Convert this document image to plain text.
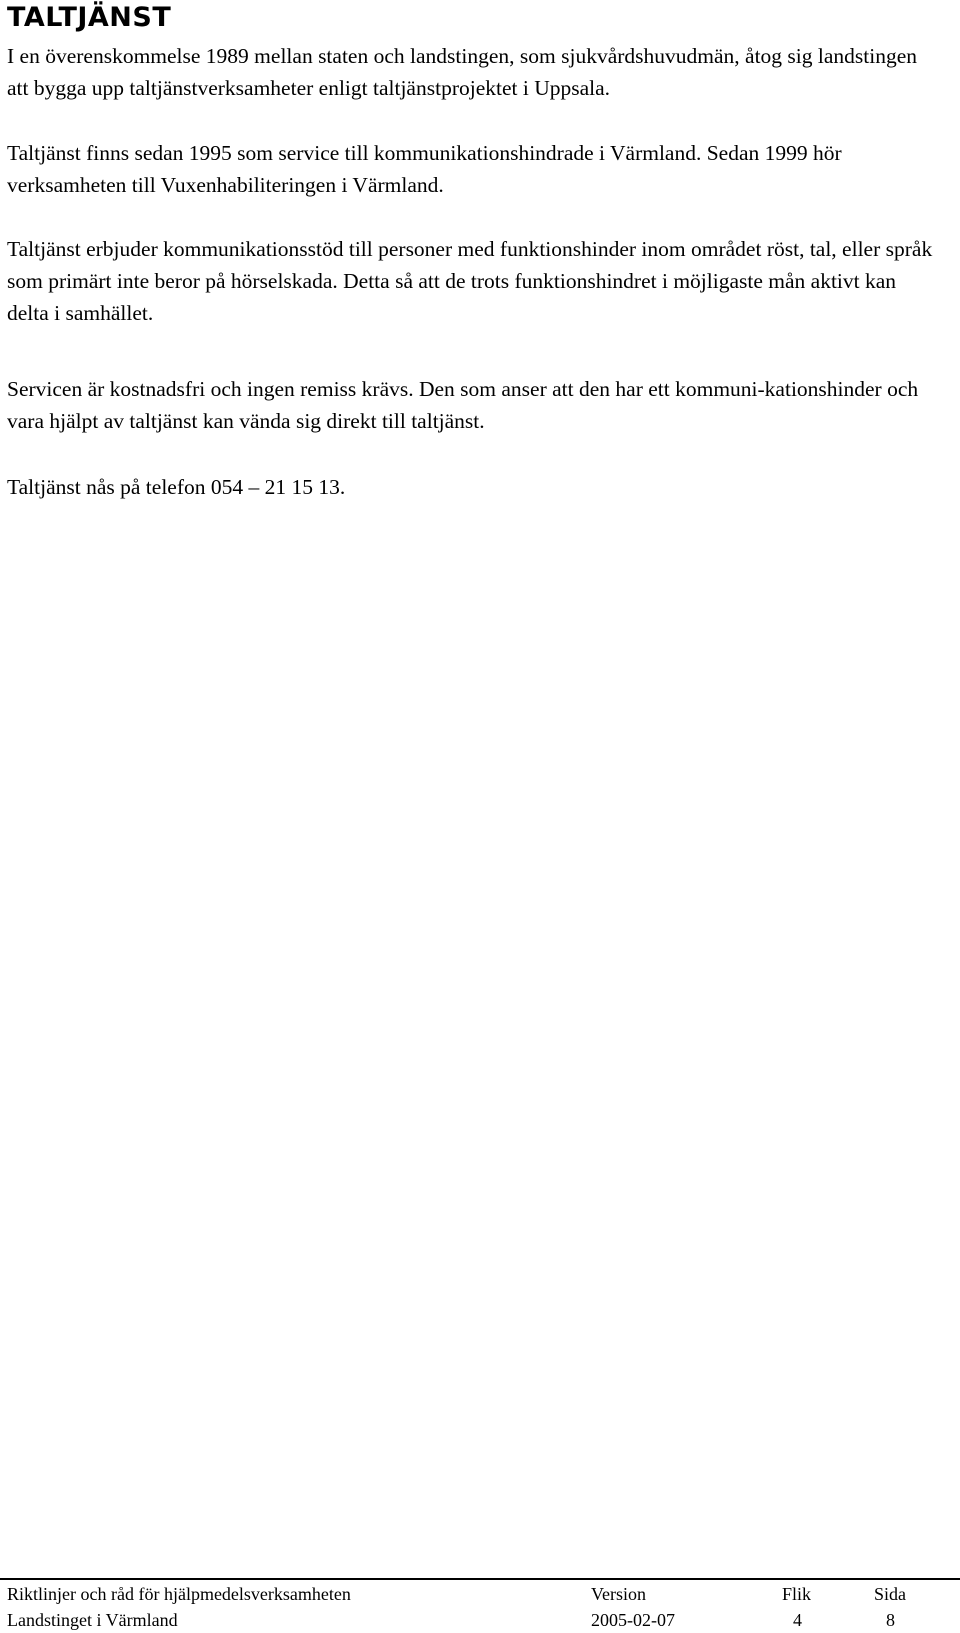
TALTJÄNST

I en överenskommelse 1989 mellan staten och landstingen, som sjukvårdshuvudmän, åtog sig landstingen att bygga upp taltjänstverksamheter enligt taltjänstprojektet i Uppsala.

Taltjänst finns sedan 1995 som service till kommunikationshindrade i Värmland. Sedan 1999 hör verksamheten till Vuxenhabiliteringen i Värmland.

Taltjänst erbjuder kommunikationsstöd till personer med funktionshinder inom området röst, tal, eller språk som primärt inte beror på hörselskada. Detta så att de trots funktionshindret i möjligaste mån aktivt kan delta i samhället.

Servicen är kostnadsfri och ingen remiss krävs. Den som anser att den har ett kommuni-kationshinder och vara hjälpt av taltjänst kan vända sig direkt till taltjänst.

Taltjänst nås på telefon 054 – 21 15 13.

Riktlinjer och råd för hjälpmedelsverksamheten	Version	Flik	Sida
Landstinget i Värmland	2005-02-07	4	8
